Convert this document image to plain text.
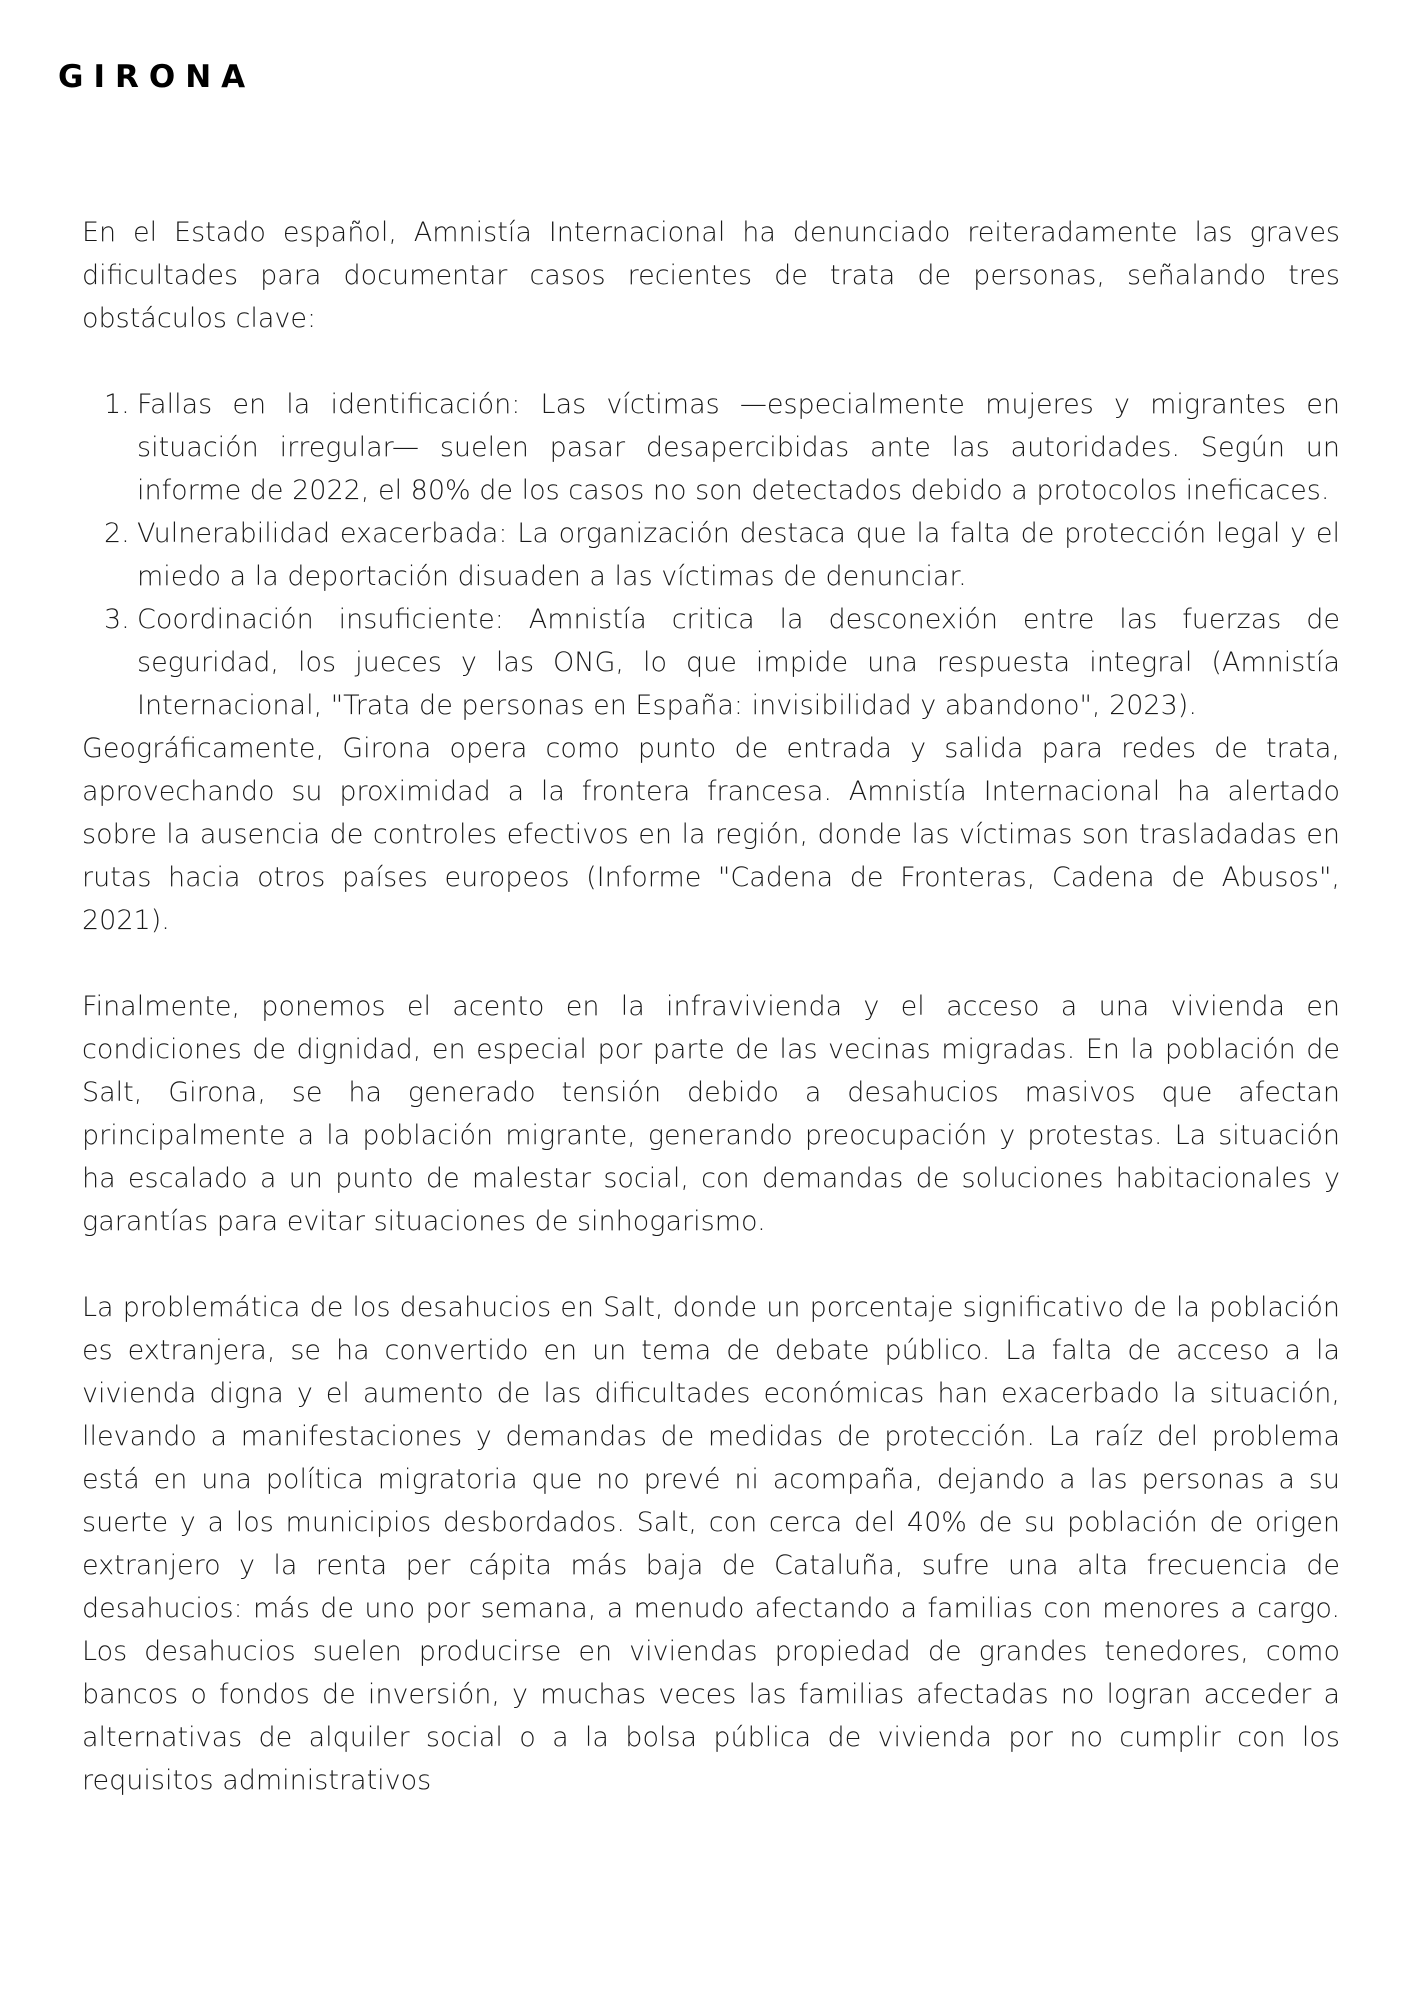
GIRONA

En el Estado español, Amnistía Internacional ha denunciado reiteradamente las graves dificultades para documentar casos recientes de trata de personas, señalando tres obstáculos clave:

1. Fallas en la identificación: Las víctimas —especialmente mujeres y migrantes en situación irregular— suelen pasar desapercibidas ante las autoridades. Según un informe de 2022, el 80% de los casos no son detectados debido a protocolos ineficaces.
2. Vulnerabilidad exacerbada: La organización destaca que la falta de protección legal y el miedo a la deportación disuaden a las víctimas de denunciar.
3. Coordinación insuficiente: Amnistía critica la desconexión entre las fuerzas de seguridad, los jueces y las ONG, lo que impide una respuesta integral (Amnistía Internacional, "Trata de personas en España: invisibilidad y abandono", 2023).

Geográficamente, Girona opera como punto de entrada y salida para redes de trata, aprovechando su proximidad a la frontera francesa. Amnistía Internacional ha alertado sobre la ausencia de controles efectivos en la región, donde las víctimas son trasladadas en rutas hacia otros países europeos (Informe "Cadena de Fronteras, Cadena de Abusos", 2021).

Finalmente, ponemos el acento en la infravivienda y el acceso a una vivienda en condiciones de dignidad, en especial por parte de las vecinas migradas. En la población de Salt, Girona, se ha generado tensión debido a desahucios masivos que afectan principalmente a la población migrante, generando preocupación y protestas. La situación ha escalado a un punto de malestar social, con demandas de soluciones habitacionales y garantías para evitar situaciones de sinhogarismo.

La problemática de los desahucios en Salt, donde un porcentaje significativo de la población es extranjera, se ha convertido en un tema de debate público. La falta de acceso a la vivienda digna y el aumento de las dificultades económicas han exacerbado la situación, llevando a manifestaciones y demandas de medidas de protección. La raíz del problema está en una política migratoria que no prevé ni acompaña, dejando a las personas a su suerte y a los municipios desbordados. Salt, con cerca del 40% de su población de origen extranjero y la renta per cápita más baja de Cataluña, sufre una alta frecuencia de desahucios: más de uno por semana, a menudo afectando a familias con menores a cargo. Los desahucios suelen producirse en viviendas propiedad de grandes tenedores, como bancos o fondos de inversión, y muchas veces las familias afectadas no logran acceder a alternativas de alquiler social o a la bolsa pública de vivienda por no cumplir con los requisitos administrativos
